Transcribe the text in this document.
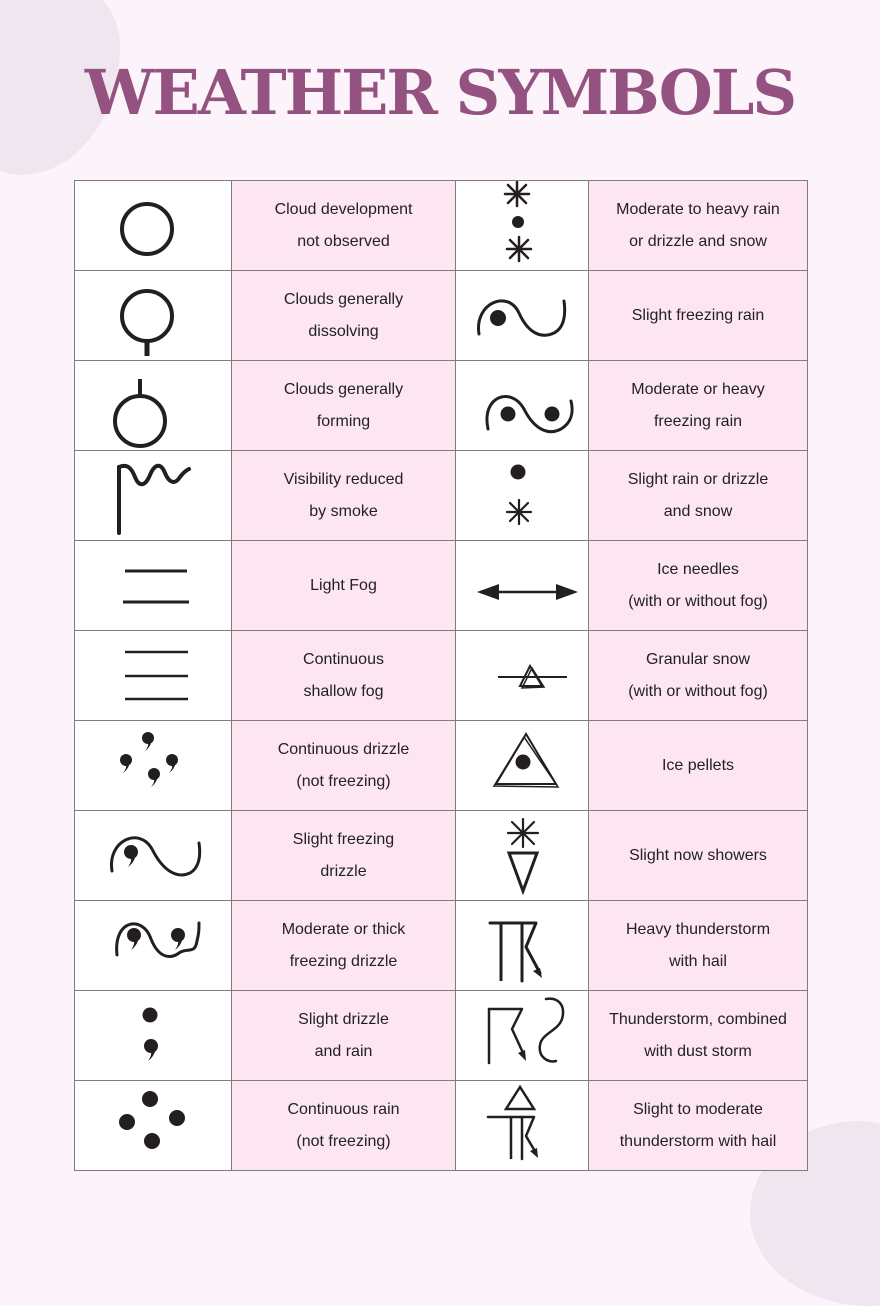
WEATHER SYMBOLS
	Cloud development
not observed		Moderate to heavy rain
or drizzle and snow

	Clouds generally
dissolving		Slight freezing rain

	Clouds generally
forming		Moderate or heavy
freezing rain

	Visibility reduced
by smoke		Slight rain or drizzle
and snow

	Light Fog		Ice needles
(with or without fog)

	Continuous
shallow fog		Granular snow
(with or without fog)

	Continuous drizzle
(not freezing)		Ice pellets

	Slight freezing
drizzle		Slight now showers

	Moderate or thick
freezing drizzle		Heavy thunderstorm
with hail

	Slight drizzle
and rain		Thunderstorm, combined
with dust storm

	Continuous rain
(not freezing)		Slight to moderate
thunderstorm with hail
